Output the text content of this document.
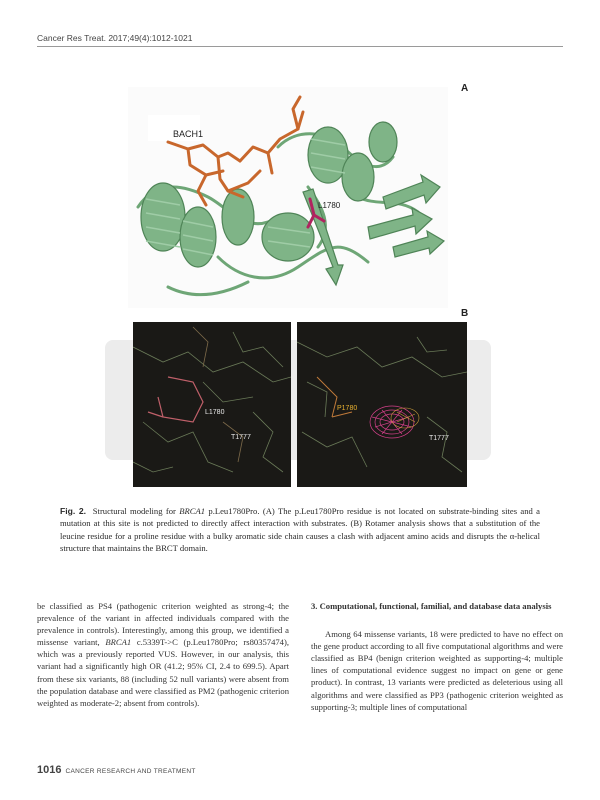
Cancer Res Treat. 2017;49(4):1012-1021
A
BACH1
L1780
B
L1780
T1777
P1780
T1777
Fig. 2. Structural modeling for BRCA1 p.Leu1780Pro. (A) The p.Leu1780Pro residue is not located on substrate-binding sites and a mutation at this site is not predicted to directly affect interaction with substrates. (B) Rotamer analysis shows that a substitution of the leucine residue for a proline residue with a bulky aromatic side chain causes a clash with adjacent amino acids and disrupts the α-helical structure that maintains the BRCT domain.

be classified as PS4 (pathogenic criterion weighted as strong-4; the prevalence of the variant in affected individuals compared with the prevalence in controls). Interestingly, among this group, we identified a missense variant, BRCA1 c.5339T->C (p.Leu1780Pro; rs80357474), which was a previously reported VUS. However, in our analysis, this variant had a significantly high OR (41.2; 95% CI, 2.4 to 699.5). Apart from these six variants, 88 (including 52 null variants) were absent from the population database and were classified as PM2 (pathogenic criterion weighted as moderate-2; absent from controls).

3. Computational, functional, familial, and database data analysis

Among 64 missense variants, 18 were predicted to have no effect on the gene product according to all five computational algorithms and were classified as BP4 (benign criterion weighted as supporting-4; multiple lines of computational evidence suggest no impact on gene or gene product). In contrast, 13 variants were predicted as deleterious using all algorithms and were classified as PP3 (pathogenic criterion weighted as supporting-3; multiple lines of computational

1016 CANCER RESEARCH AND TREATMENT
